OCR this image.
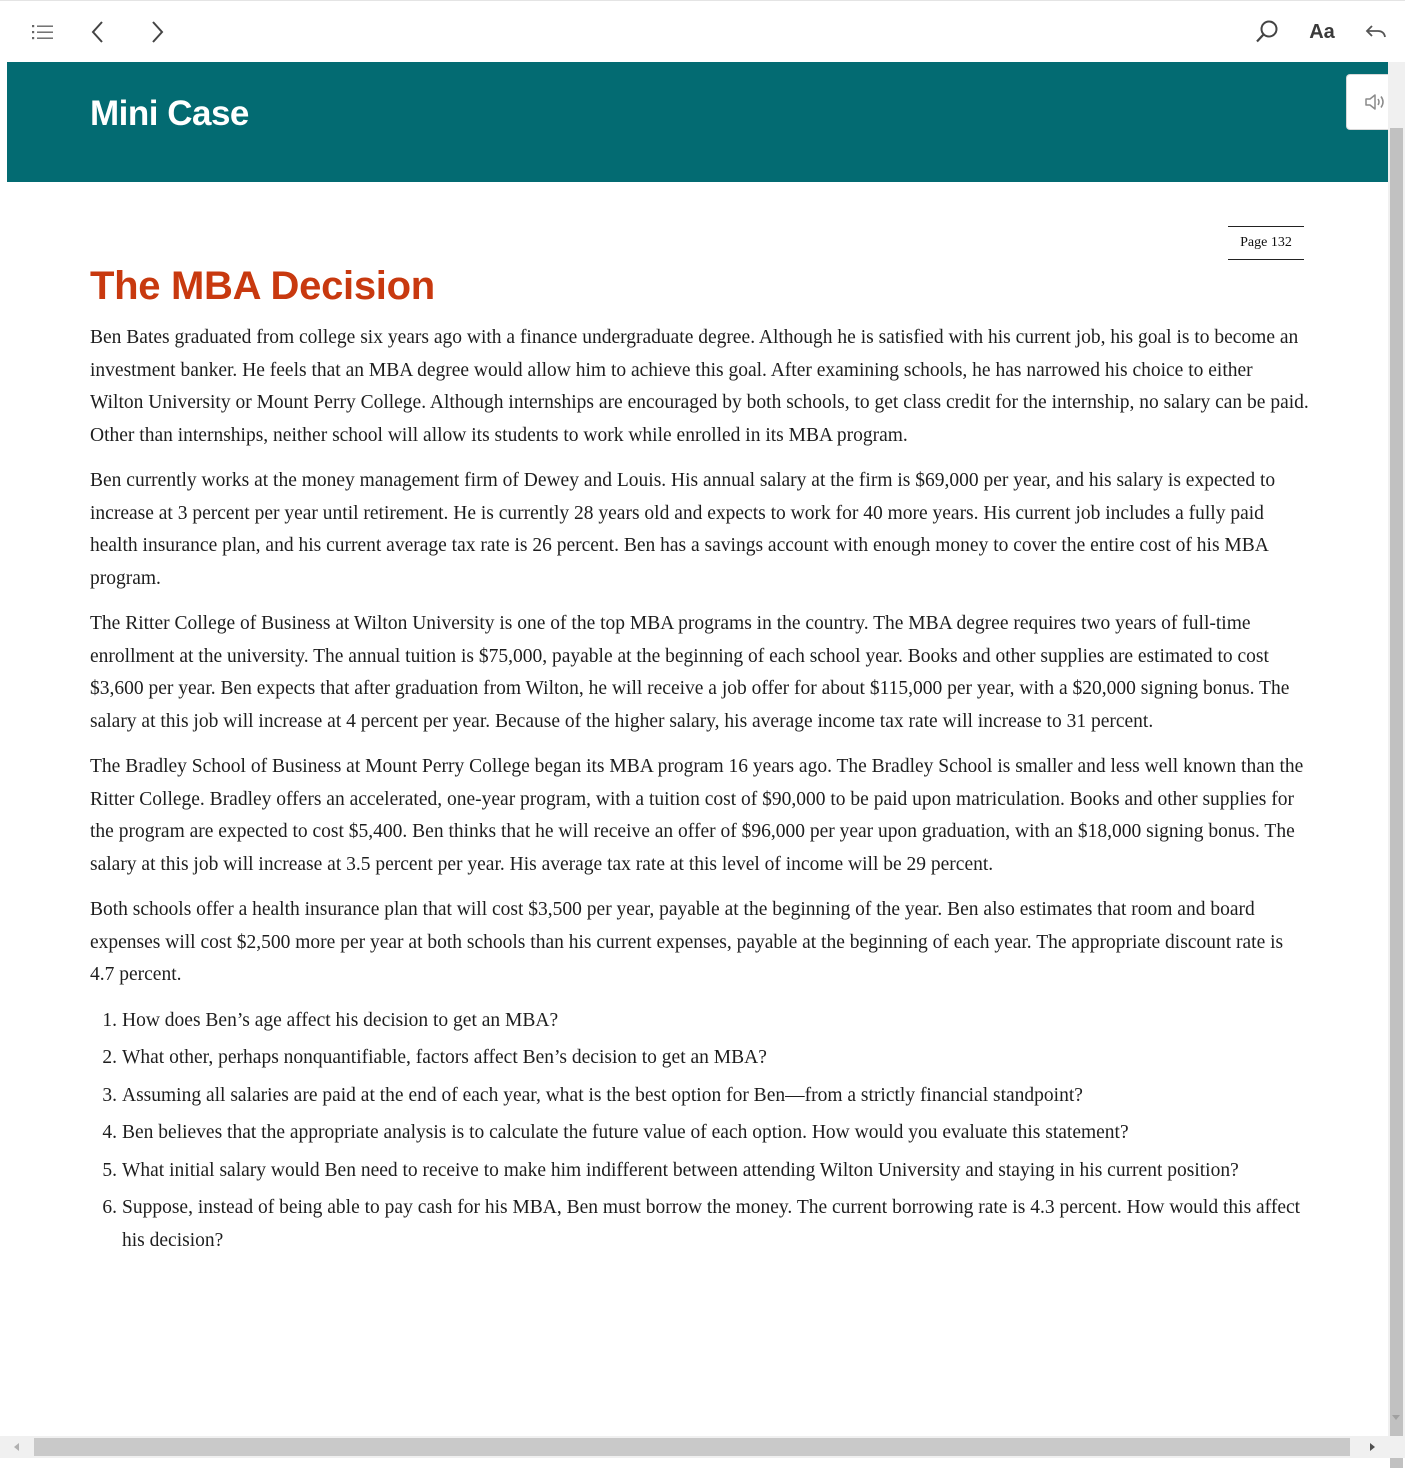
Aa
Mini Case
Page 132
The MBA Decision

Ben Bates graduated from college six years ago with a finance undergraduate degree. Although he is satisfied with his current job, his goal is to become an investment banker. He feels that an MBA degree would allow him to achieve this goal. After examining schools, he has narrowed his choice to either Wilton University or Mount Perry College. Although internships are encouraged by both schools, to get class credit for the internship, no salary can be paid. Other than internships, neither school will allow its students to work while enrolled in its MBA program.

Ben currently works at the money management firm of Dewey and Louis. His annual salary at the firm is $69,000 per year, and his salary is expected to increase at 3 percent per year until retirement. He is currently 28 years old and expects to work for 40 more years. His current job includes a fully paid health insurance plan, and his current average tax rate is 26 percent. Ben has a savings account with enough money to cover the entire cost of his MBA program.

The Ritter College of Business at Wilton University is one of the top MBA programs in the country. The MBA degree requires two years of full-time enrollment at the university. The annual tuition is $75,000, payable at the beginning of each school year. Books and other supplies are estimated to cost $3,600 per year. Ben expects that after graduation from Wilton, he will receive a job offer for about $115,000 per year, with a $20,000 signing bonus. The salary at this job will increase at 4 percent per year. Because of the higher salary, his average income tax rate will increase to 31 percent.

The Bradley School of Business at Mount Perry College began its MBA program 16 years ago. The Bradley School is smaller and less well known than the Ritter College. Bradley offers an accelerated, one-year program, with a tuition cost of $90,000 to be paid upon matriculation. Books and other supplies for the program are expected to cost $5,400. Ben thinks that he will receive an offer of $96,000 per year upon graduation, with an $18,000 signing bonus. The salary at this job will increase at 3.5 percent per year. His average tax rate at this level of income will be 29 percent.

Both schools offer a health insurance plan that will cost $3,500 per year, payable at the beginning of the year. Ben also estimates that room and board expenses will cost $2,500 more per year at both schools than his current expenses, payable at the beginning of each year. The appropriate discount rate is 4.7 percent.

1. How does Ben’s age affect his decision to get an MBA?
2. What other, perhaps nonquantifiable, factors affect Ben’s decision to get an MBA?
3. Assuming all salaries are paid at the end of each year, what is the best option for Ben—from a strictly financial standpoint?
4. Ben believes that the appropriate analysis is to calculate the future value of each option. How would you evaluate this statement?
5. What initial salary would Ben need to receive to make him indifferent between attending Wilton University and staying in his current position?
6. Suppose, instead of being able to pay cash for his MBA, Ben must borrow the money. The current borrowing rate is 4.3 percent. How would this affect his decision?
